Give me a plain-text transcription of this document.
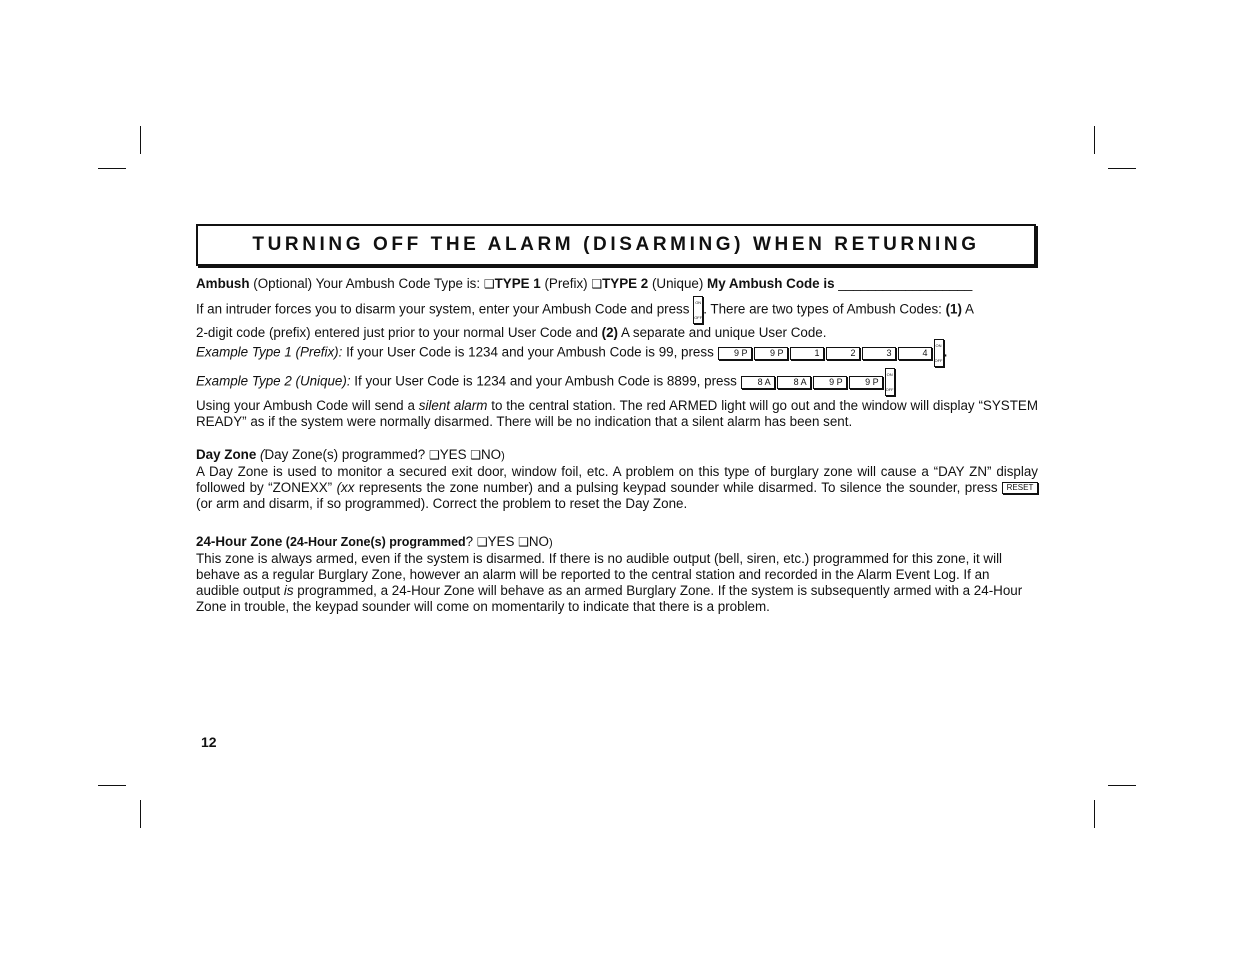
TURNING OFF THE ALARM (DISARMING) WHEN RETURNING
Ambush (Optional) Your Ambush Code Type is: ❑TYPE 1 (Prefix) ❑TYPE 2 (Unique) My Ambush Code is __________________
If an intruder forces you to disarm your system, enter your Ambush Code and press ON
OFF
. There are two types of Ambush Codes: (1) A
2-digit code (prefix) entered just prior to your normal User Code and (2) A separate and unique User Code.
Example Type 1 (Prefix): If your User Code is 1234 and your Ambush Code is 99, press 9 P 9 P	1	2	3	4
ON
OFF
.
Example Type 2 (Unique): If your User Code is 1234 and your Ambush Code is 8899, press 8 A	8 A 9 P 9 P
ON
OFF
Using your Ambush Code will send a silent alarm to the central station. The red ARMED light will go out and the window will display “SYSTEM READY” as if the system were normally disarmed. There will be no indication that a silent alarm has been sent.
Day Zone (Day Zone(s) programmed? ❑YES ❑NO)
A Day Zone is used to monitor a secured exit door, window foil, etc. A problem on this type of burglary zone will cause a “DAY ZN” display followed by “ZONEXX” (xx represents the zone number) and a pulsing keypad sounder while disarmed. To silence the sounder, press RESET (or arm and disarm, if so programmed). Correct the problem to reset the Day Zone.
24-Hour Zone (24-Hour Zone(s) programmed? ❑YES ❑NO)
This zone is always armed, even if the system is disarmed. If there is no audible output (bell, siren, etc.) programmed for this zone, it will behave as a regular Burglary Zone, however an alarm will be reported to the central station and recorded in the Alarm Event Log. If an audible output is programmed, a 24-Hour Zone will behave as an armed Burglary Zone. If the system is subsequently armed with a 24-Hour Zone in trouble, the keypad sounder will come on momentarily to indicate that there is a problem.
12
